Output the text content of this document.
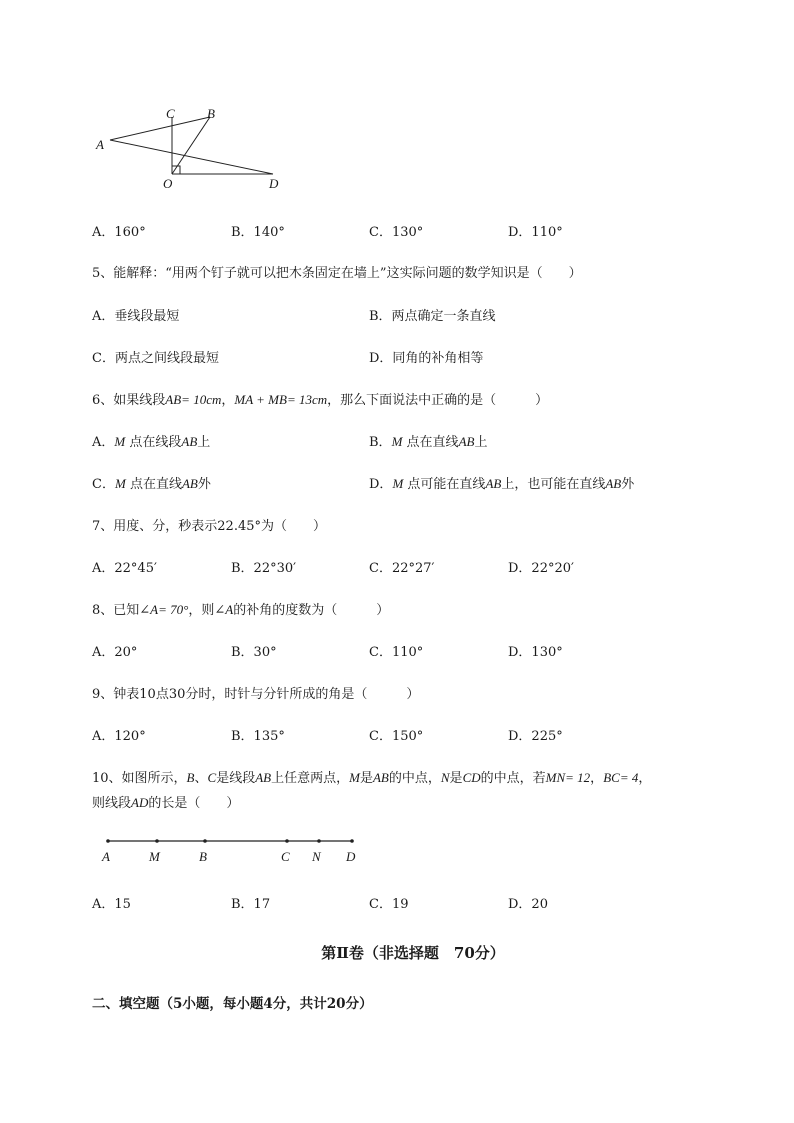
A
B
C
O	D
A．160°	B．140°	C．130°	D．110°
5、能解释：“用两个钉子就可以把木条固定在墙上”这实际问题的数学知识是（　　）
A．垂线段最短	B．两点确定一条直线
C．两点之间线段最短	D．同角的补角相等
6、如果线段AB= 10cm，MA + MB= 13cm，那么下面说法中正确的是（　　　）
A．M 点在线段AB上	B．M 点在直线AB上
C．M 点在直线AB外	D．M 点可能在直线AB上，也可能在直线AB外
7、用度、分，秒表示22.45°为（　　）
A．22°45′	B．22°30′	C．22°27′	D．22°20′
8、已知∠A= 70°，则∠A的补角的度数为（　　　）
A．20°	B．30°	C．110°	D．130°
9、钟表10点30分时，时针与分针所成的角是（　　　）
A．120°	B．135°	C．150°	D．225°
10、如图所示，B、C是线段AB上任意两点，M是AB的中点，N是CD的中点，若MN= 12，BC= 4，
则线段AD的长是（　　）
A	M	B	C N D
A．15	B．17	C．19	D．20
第Ⅱ卷（非选择题　70分）
二、填空题（5小题，每小题4分，共计20分）
